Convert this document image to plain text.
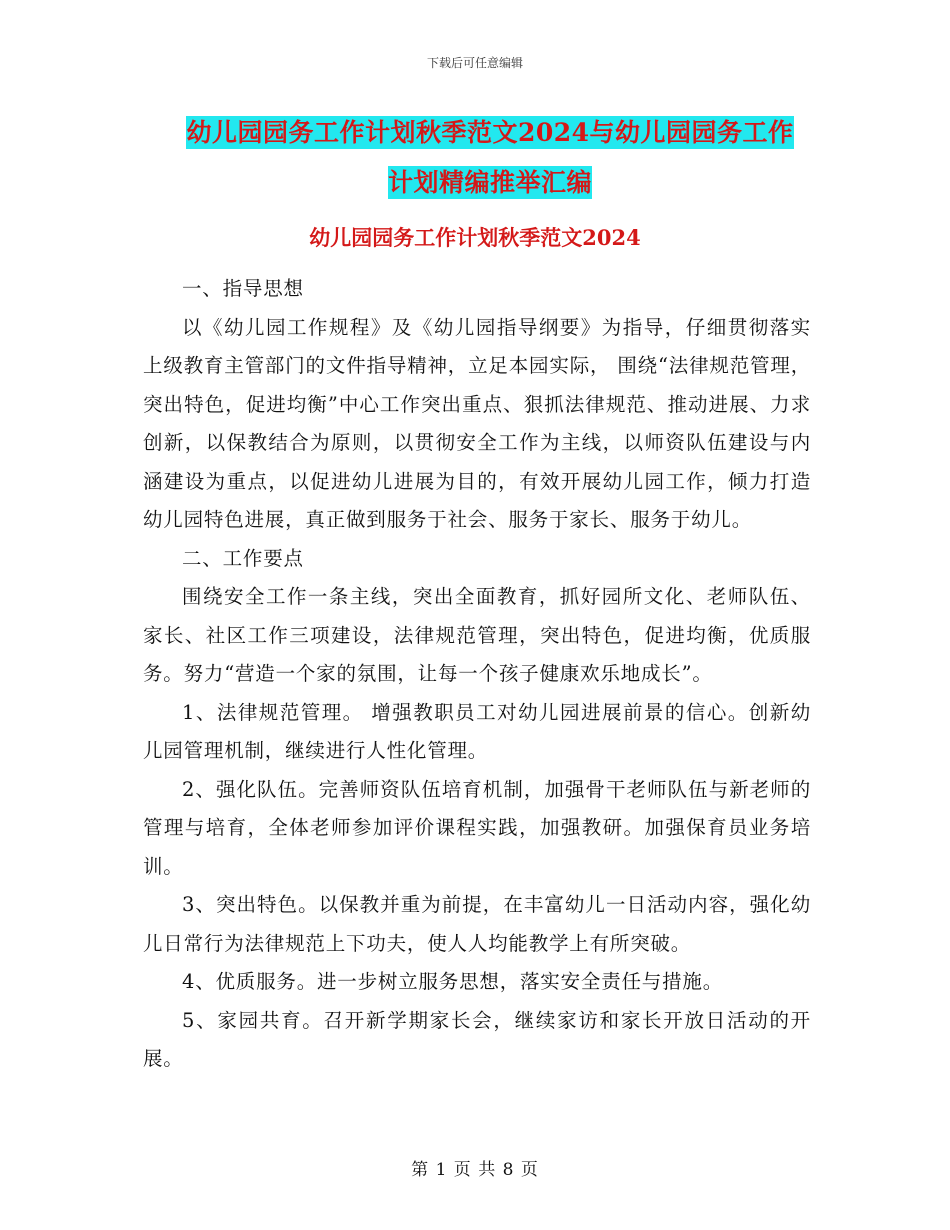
下载后可任意编辑
幼儿园园务工作计划秋季范文2024与幼儿园园务工作
计划精编推举汇编
幼儿园园务工作计划秋季范文2024

一、指导思想

以《幼儿园工作规程》及《幼儿园指导纲要》为指导，仔细贯彻落实上级教育主管部门的文件指导精神，立足本园实际， 围绕“法律规范管理，突出特色，促进均衡”中心工作突出重点、狠抓法律规范、推动进展、力求创新，以保教结合为原则，以贯彻安全工作为主线，以师资队伍建设与内涵建设为重点，以促进幼儿进展为目的，有效开展幼儿园工作，倾力打造幼儿园特色进展，真正做到服务于社会、服务于家长、服务于幼儿。

二、工作要点

围绕安全工作一条主线，突出全面教育，抓好园所文化、老师队伍、家长、社区工作三项建设，法律规范管理，突出特色，促进均衡，优质服务。努力“营造一个家的氛围，让每一个孩子健康欢乐地成长”。

1、法律规范管理。 增强教职员工对幼儿园进展前景的信心。创新幼儿园管理机制，继续进行人性化管理。

2、强化队伍。完善师资队伍培育机制，加强骨干老师队伍与新老师的管理与培育，全体老师参加评价课程实践，加强教研。加强保育员业务培训。

3、突出特色。以保教并重为前提，在丰富幼儿一日活动内容，强化幼儿日常行为法律规范上下功夫，使人人均能教学上有所突破。

4、优质服务。进一步树立服务思想，落实安全责任与措施。

5、家园共育。召开新学期家长会，继续家访和家长开放日活动的开展。

第 1 页 共 8 页
